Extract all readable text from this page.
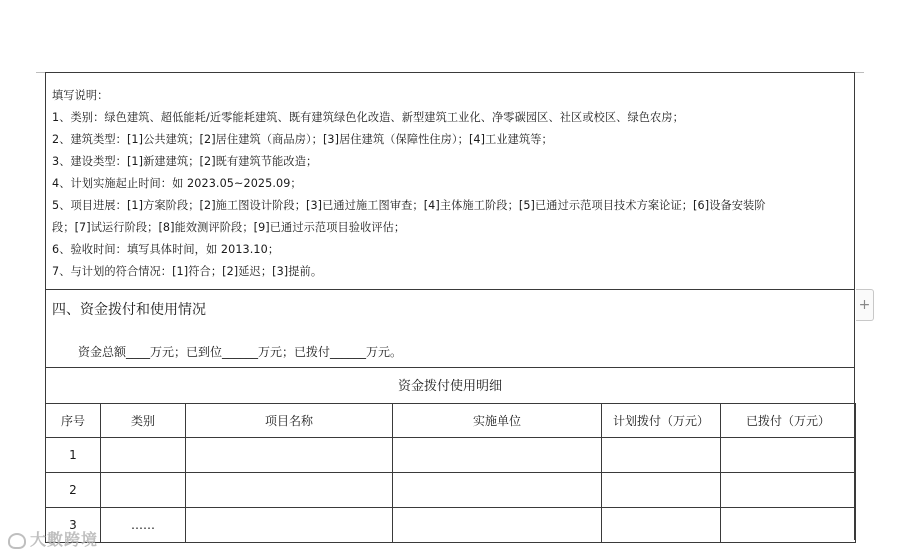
填写说明：
1、类别：绿色建筑、超低能耗/近零能耗建筑、既有建筑绿色化改造、新型建筑工业化、净零碳园区、社区或校区、绿色农房；
2、建筑类型：[1]公共建筑；[2]居住建筑（商品房）；[3]居住建筑（保障性住房）；[4]工业建筑等；
3、建设类型：[1]新建建筑；[2]既有建筑节能改造；
4、计划实施起止时间：如 2023.05~2025.09；
5、项目进展：[1]方案阶段；[2]施工图设计阶段；[3]已通过施工图审查；[4]主体施工阶段；[5]已通过示范项目技术方案论证；[6]设备安装阶
段；[7]试运行阶段；[8]能效测评阶段；[9]已通过示范项目验收评估；
6、验收时间：填写具体时间，如 2013.10；
7、与计划的符合情况：[1]符合；[2]延迟；[3]提前。
四、资金拨付和使用情况
资金总额____万元；已到位______万元；已拨付______万元。
资金拨付使用明细
序号	类别	项目名称	实施单位	计划拨付（万元）	已拨付（万元）
1					
2					
3	……				
+
大數跨境
